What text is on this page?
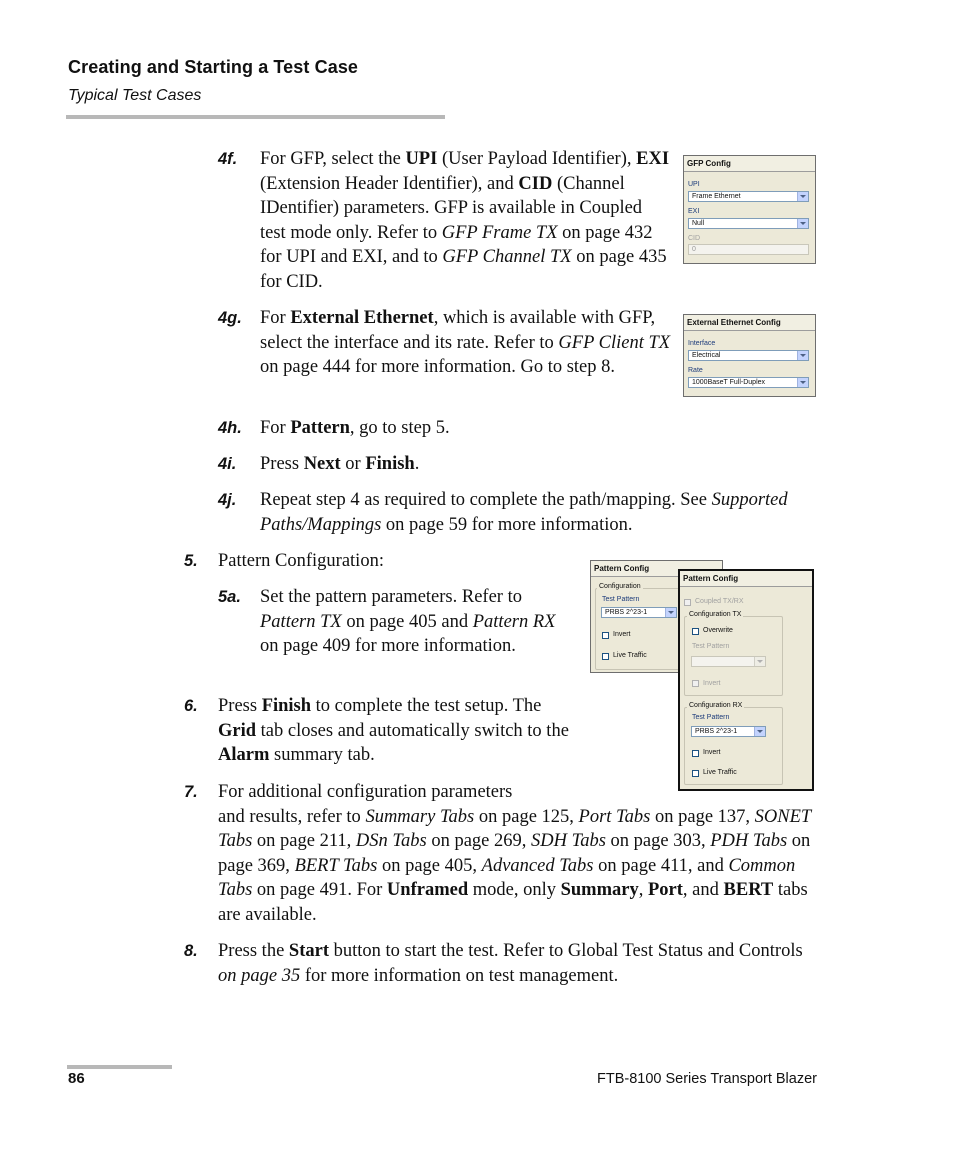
Creating and Starting a Test Case
Typical Test Cases
4f. For GFP, select the UPI (User Payload Identifier), EXI (Extension Header Identifier), and CID (Channel IDentifier) parameters. GFP is available in Coupled test mode only. Refer to GFP Frame TX on page 432 for UPI and EXI, and to GFP Channel TX on page 435 for CID.

GFP Config
UPI
Frame Ethernet
EXI
Null
CID
0
4g. For External Ethernet, which is available with GFP, select the interface and its rate. Refer to GFP Client TX on page 444 for more information. Go to step 8.

External Ethernet Config
Interface
Electrical
Rate
1000BaseT Full-Duplex
4h. For Pattern, go to step 5.

4i. Press Next or Finish.

4j. Repeat step 4 as required to complete the path/mapping. See Supported Paths/Mappings on page 59 for more information.

5. Pattern Configuration:

5a. Set the pattern parameters. Refer to Pattern TX on page 405 and Pattern RX on page 409 for more information.

Pattern Config
Configuration
Test Pattern
PRBS 2^23-1
Invert
Live Traffic
Pattern Config
Coupled TX/RX
Configuration TX
Overwrite
Test Pattern
Invert
Configuration RX
Test Pattern
PRBS 2^23-1
Invert
Live Traffic
6. Press Finish to complete the test setup. The Grid tab closes and automatically switch to the Alarm summary tab.

7. For additional configuration parameters
and results, refer to Summary Tabs on page 125, Port Tabs on page 137, SONET Tabs on page 211, DSn Tabs on page 269, SDH Tabs on page 303, PDH Tabs on page 369, BERT Tabs on page 405, Advanced Tabs on page 411, and Common Tabs on page 491. For Unframed mode, only Summary, Port, and BERT tabs are available.

8. Press the Start button to start the test. Refer to Global Test Status and Controls on page 35 for more information on test management.

86	FTB-8100 Series Transport Blazer
